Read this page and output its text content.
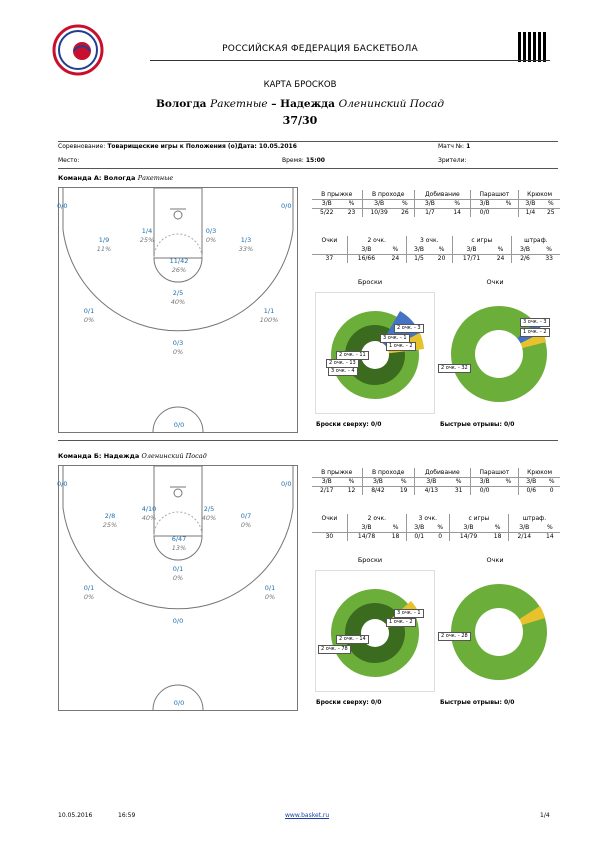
РОССИЙСКАЯ ФЕДЕРАЦИЯ БАСКЕТБОЛА
КАРТА БРОСКОВ
Вологда Ракетные – Надежда Оленинский Посад
37/30
Соревнование: Товарищеские игры к Положения (о)Дата: 10.05.2016	Матч №: 1
Место:	Время: 15:00	Зрители:
Команда А: Вологда Ракетные
0/0	0/0
1/9
11%
1/4
25%
0/3
0%	1/3
33%
11/42
26%
2/5
40%
0/1
0%
1/1
100%
0/3
0%
0/0
В прыжке		В проходе		Добивание		Парашют		Крюком	
З/В	%	З/В	%	З/В	%	З/В	%	З/В	%
5/22	23	10/39	26	1/7	14	0/0		1/4	25
Очки	2 очк.		3 очк.		с игры		штраф.	
	З/В	%	З/В	%	З/В	%	З/В	%
37	16/66	24	1/5	20	17/71	24	2/6	33
Броски	Очки
2 очк. - 3
3 очк. - 1
1 очк. - 2
2 очк. - 13
3 очк. - 4
2 очк. - 11
2 очк. - 32
3 очк. - 3
1 очк. - 2
Броски сверху: 0/0	Быстрые отрывы: 0/0
Команда Б: Надежда Оленинский Посад
0/0	0/0
2/8
25%
4/10
40%
2/5
40%	0/7
0%
6/47
13%
0/1
0%
0/1
0%
0/1
0%
0/0
0/0
В прыжке		В проходе		Добивание		Парашют		Крюком	
З/В	%	З/В	%	З/В	%	З/В	%	З/В	%
2/17	12	8/42	19	4/13	31	0/0		0/6	0
Очки	2 очк.		3 очк.		с игры		штраф.	
	З/В	%	З/В	%	З/В	%	З/В	%
30	14/78	18	0/1	0	14/79	18	2/14	14
Броски	Очки
3 очк. - 1
1 очк. - 2
2 очк. - 14
2 очк. - 78
2 очк. - 28
Броски сверху: 0/0	Быстрые отрывы: 0/0
10.05.2016	16:59	www.basket.ru	1/4
